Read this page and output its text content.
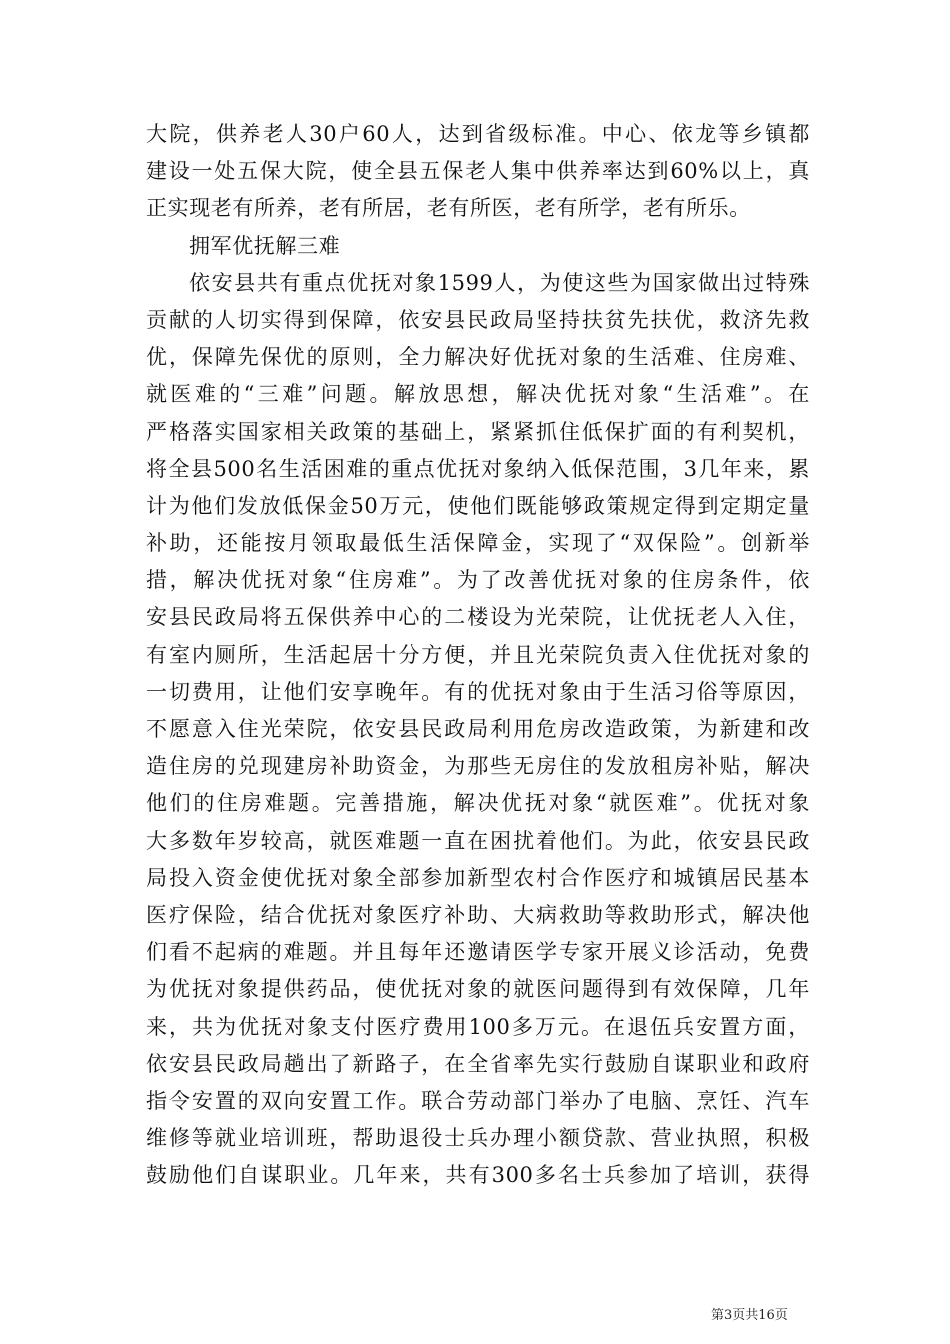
大院，供养老人30户60人，达到省级标准。中心、依龙等乡镇都
建设一处五保大院，使全县五保老人集中供养率达到60%以上，真
正实现老有所养，老有所居，老有所医，老有所学，老有所乐。
拥军优抚解三难
依安县共有重点优抚对象1599人，为使这些为国家做出过特殊
贡献的人切实得到保障，依安县民政局坚持扶贫先扶优，救济先救
优，保障先保优的原则，全力解决好优抚对象的生活难、住房难、
就医难的“三难”问题。解放思想，解决优抚对象“生活难”。在
严格落实国家相关政策的基础上，紧紧抓住低保扩面的有利契机，
将全县500名生活困难的重点优抚对象纳入低保范围，3几年来，累
计为他们发放低保金50万元，使他们既能够政策规定得到定期定量
补助，还能按月领取最低生活保障金，实现了“双保险”。创新举
措，解决优抚对象“住房难”。为了改善优抚对象的住房条件，依
安县民政局将五保供养中心的二楼设为光荣院，让优抚老人入住，
有室内厕所，生活起居十分方便，并且光荣院负责入住优抚对象的
一切费用，让他们安享晚年。有的优抚对象由于生活习俗等原因，
不愿意入住光荣院，依安县民政局利用危房改造政策，为新建和改
造住房的兑现建房补助资金，为那些无房住的发放租房补贴，解决
他们的住房难题。完善措施，解决优抚对象“就医难”。优抚对象
大多数年岁较高，就医难题一直在困扰着他们。为此，依安县民政
局投入资金使优抚对象全部参加新型农村合作医疗和城镇居民基本
医疗保险，结合优抚对象医疗补助、大病救助等救助形式，解决他
们看不起病的难题。并且每年还邀请医学专家开展义诊活动，免费
为优抚对象提供药品，使优抚对象的就医问题得到有效保障，几年
来，共为优抚对象支付医疗费用100多万元。在退伍兵安置方面，
依安县民政局趟出了新路子，在全省率先实行鼓励自谋职业和政府
指令安置的双向安置工作。联合劳动部门举办了电脑、烹饪、汽车
维修等就业培训班，帮助退役士兵办理小额贷款、营业执照，积极
鼓励他们自谋职业。几年来，共有300多名士兵参加了培训，获得
第3页共16页
